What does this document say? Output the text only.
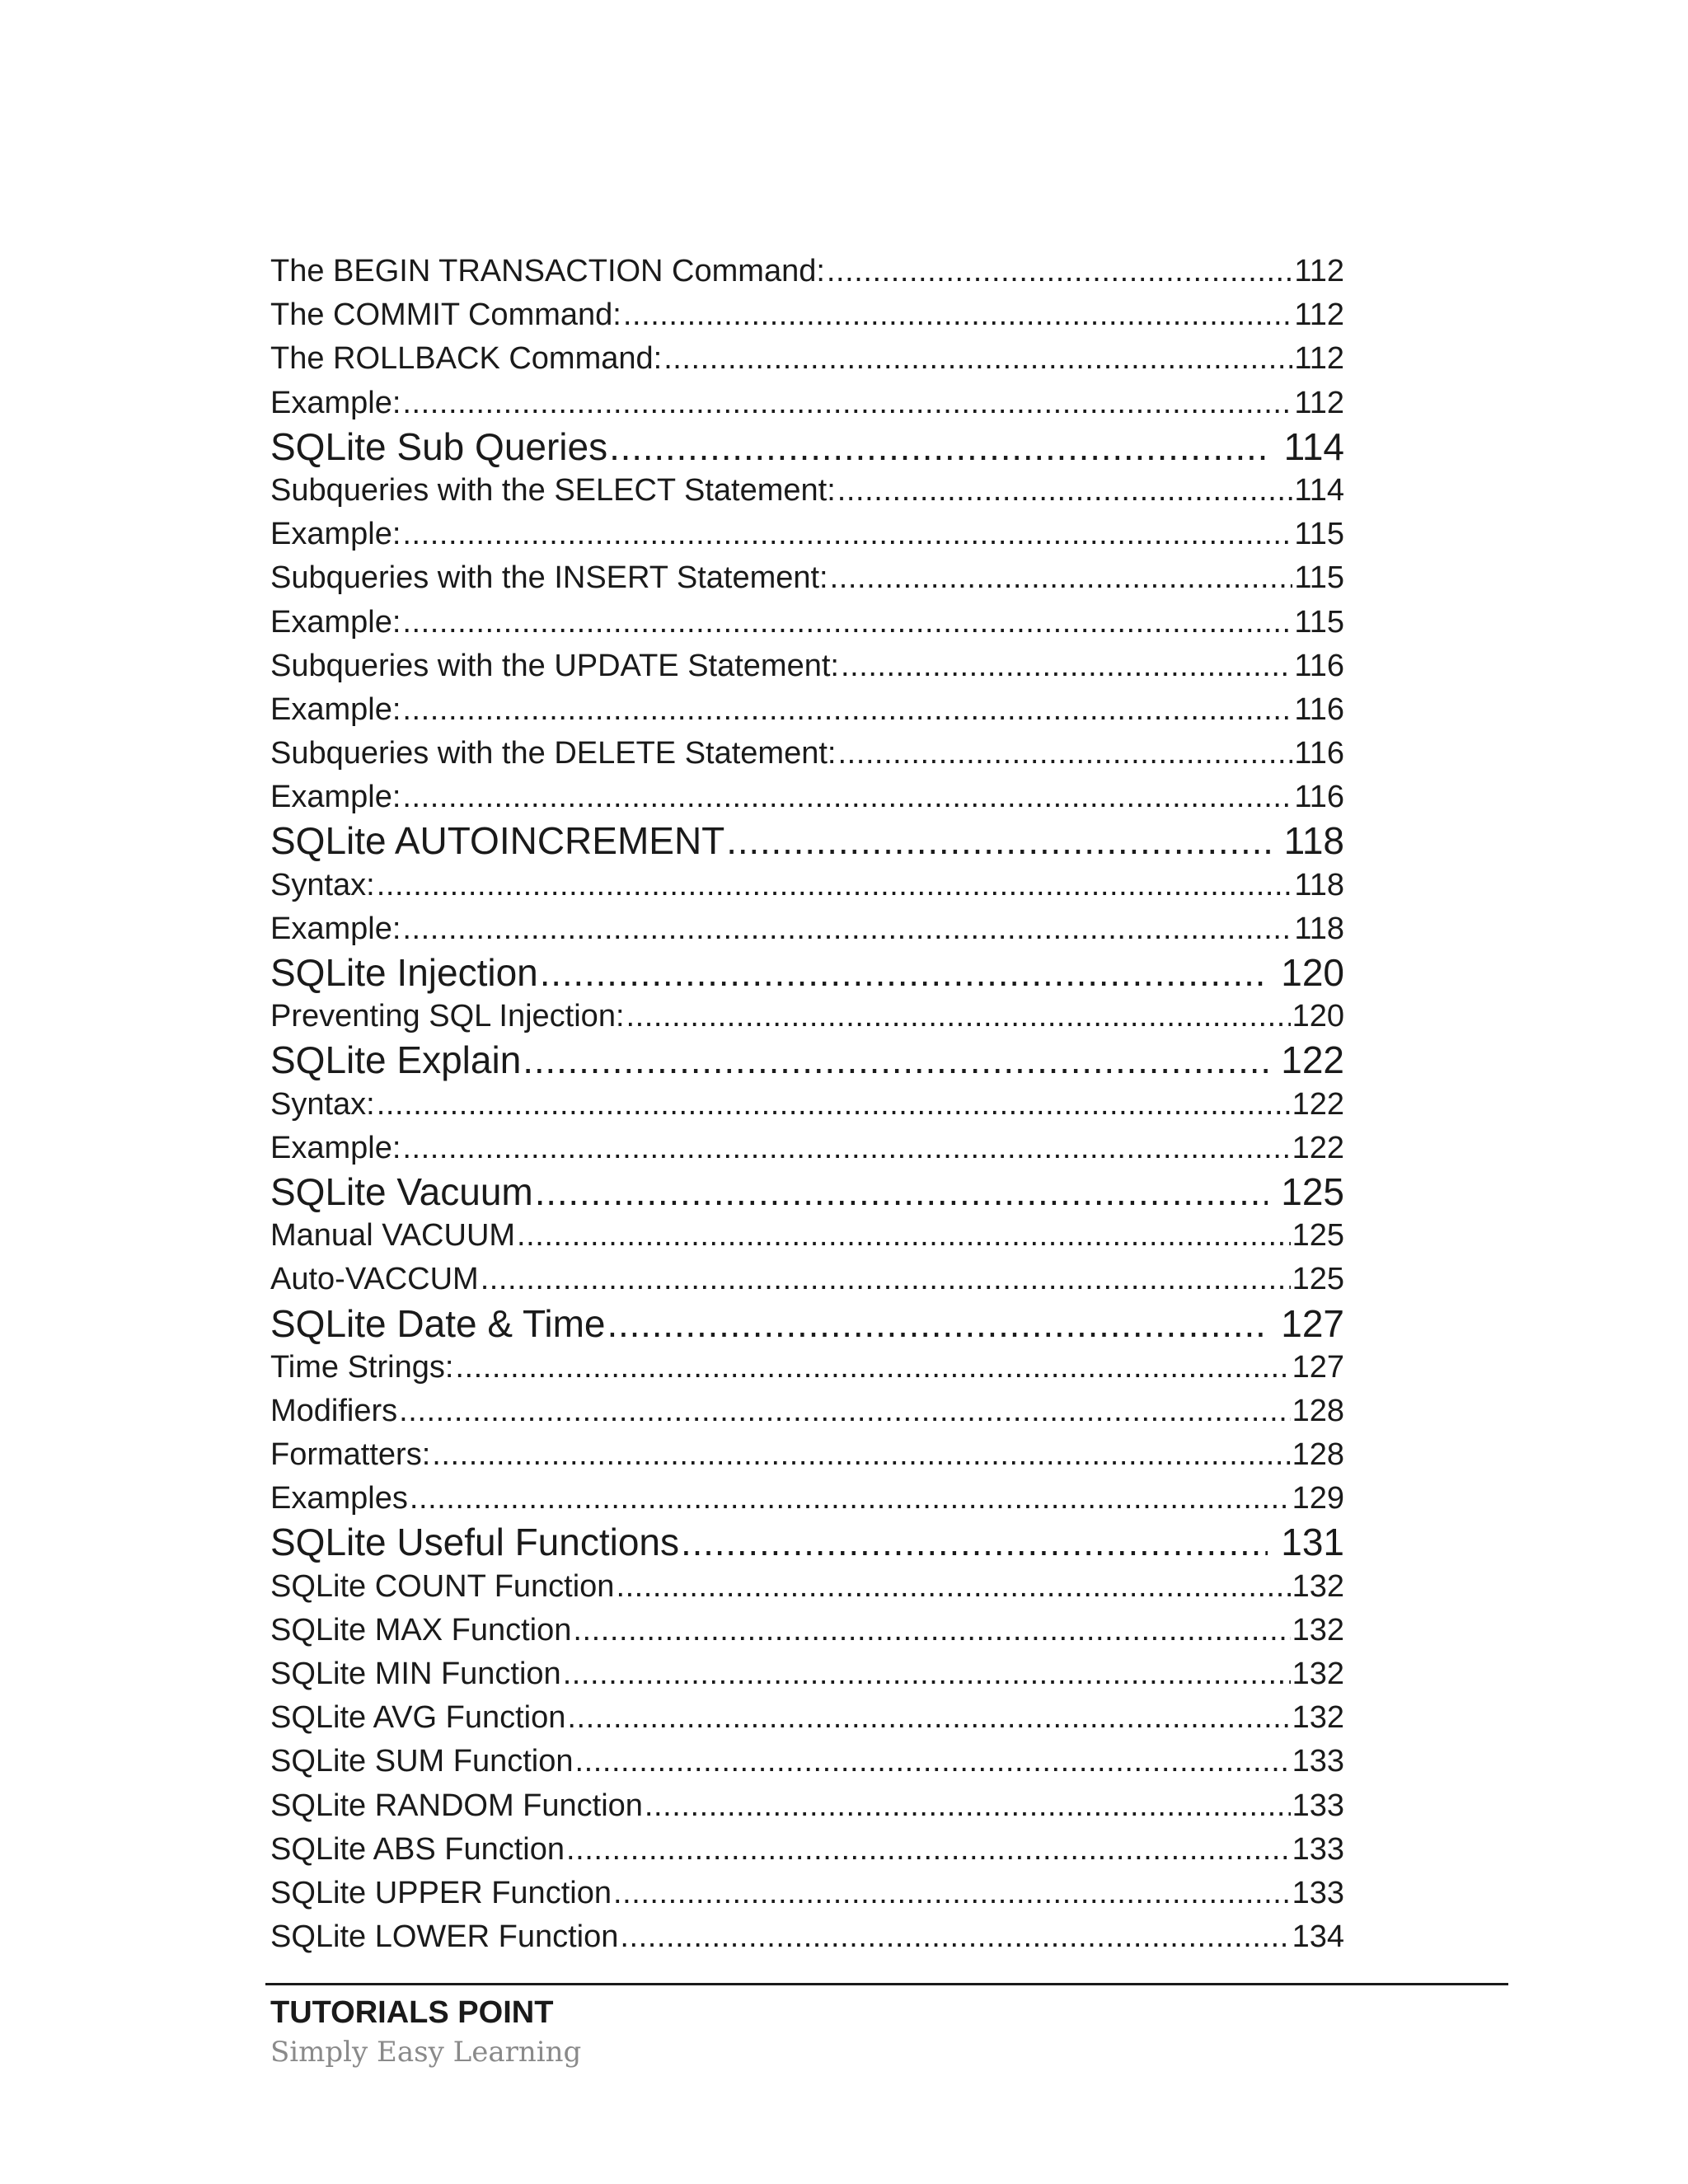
The BEGIN TRANSACTION Command: . . .	112
The COMMIT Command: . . .	112
The ROLLBACK Command: . . .	112
Example: . . .	112
SQLite Sub Queries . . .	114
Subqueries with the SELECT Statement: . . .	114
Example: . . .	115
Subqueries with the INSERT Statement: . . .	115
Example: . . .	115
Subqueries with the UPDATE Statement: . . .	116
Example: . . .	116
Subqueries with the DELETE Statement: . . .	116
Example: . . .	116
SQLite AUTOINCREMENT . . .	118
Syntax: . . .	118
Example: . . .	118
SQLite Injection . . .	120
Preventing SQL Injection: . . .	120
SQLite Explain . . .	122
Syntax: . . .	122
Example: . . .	122
SQLite Vacuum . . .	125
Manual VACUUM . . .	125
Auto-VACCUM . . .	125
SQLite Date & Time . . .	127
Time Strings: . . .	127
Modifiers . . .	128
Formatters: . . .	128
Examples . . .	129
SQLite Useful Functions . . .	131
SQLite COUNT Function . . .	132
SQLite MAX Function . . .	132
SQLite MIN Function . . .	132
SQLite AVG Function . . .	132
SQLite SUM Function . . .	133
SQLite RANDOM Function . . .	133
SQLite ABS Function . . .	133
SQLite UPPER Function . . .	133
SQLite LOWER Function . . .	134
TUTORIALS POINT
Simply Easy Learning
